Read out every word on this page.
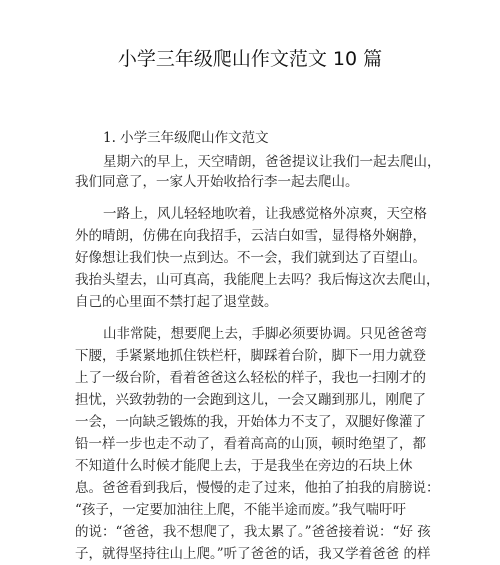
小学三年级爬山作文范文 10 篇
1. 小学三年级爬山作文范文
星期六的早上，天空晴朗，爸爸提议让我们一起去爬山，
我们同意了，一家人开始收拾行李一起去爬山。
一路上，风儿轻轻地吹着，让我感觉格外凉爽，天空格
外的晴朗，仿佛在向我招手，云洁白如雪，显得格外娴静，
好像想让我们快一点到达。不一会，我们就到达了百望山。
我抬头望去，山可真高，我能爬上去吗？我后悔这次去爬山，
自己的心里面不禁打起了退堂鼓。
山非常陡，想要爬上去，手脚必须要协调。只见爸爸弯
下腰，手紧紧地抓住铁栏杆，脚踩着台阶，脚下一用力就登
上了一级台阶，看着爸爸这么轻松的样子，我也一扫刚才的
担忧，兴致勃勃的一会跑到这儿，一会又蹦到那儿，刚爬了
一会，一向缺乏锻炼的我，开始体力不支了，双腿好像灌了
铅一样一步也走不动了，看着高高的山顶，顿时绝望了，都
不知道什么时候才能爬上去，于是我坐在旁边的石块上休
息。爸爸看到我后，慢慢的走了过来，他拍了拍我的肩膀说：
“孩子，一定要加油往上爬，不能半途而废。”我气喘吁吁
的说：“爸爸，我不想爬了，我太累了。”爸爸接着说：“好 孩
子，就得坚持往山上爬。”听了爸爸的话，我又学着爸爸 的样
